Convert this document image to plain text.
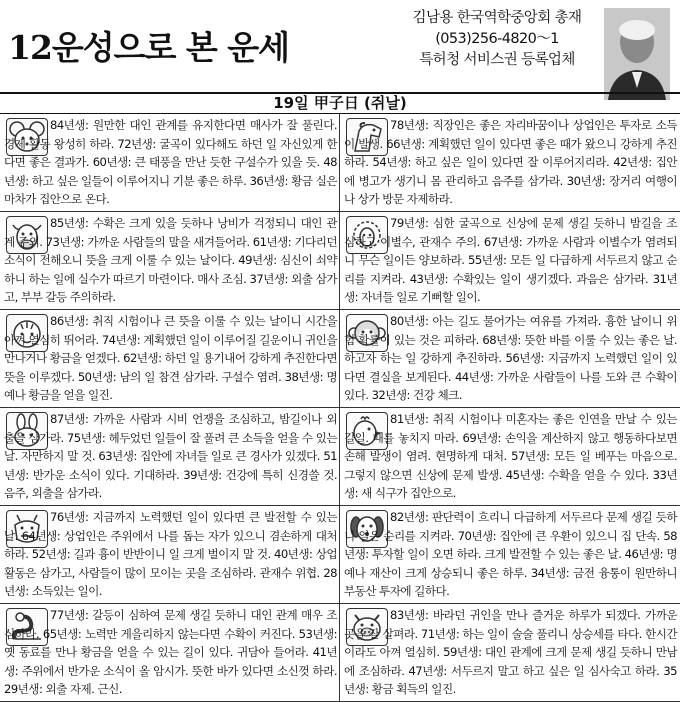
12운성으로 본 운세
김남용 한국역학중앙회 총재
(053)256-4820～1
특허청 서비스권 등록업체
19일 甲子日 (쥐날)

84년생: 원만한 대인 관계를 유지한다면 매사가 잘 풀린다. 경제 활동 왕성히 하라. 72년생: 굴곡이 있다해도 하던 일 자신있게 한다면 좋은 결과가. 60년생: 큰 태풍을 만난 듯한 구설수가 있을 듯. 48년생: 하고 싶은 일들이 이루어지니 기분 좋은 하루. 36년생: 황금 실은 마차가 집안으로 온다.

78년생: 직장인은 좋은 자리바꿈이나 상업인은 투자로 소득이 발생. 66년생: 계획했던 일이 있다면 좋은 때가 왔으니 강하게 추진하라. 54년생: 하고 싶은 일이 있다면 잘 이루어지리라. 42년생: 집안에 병고가 생기니 몸 관리하고 음주를 삼가라. 30년생: 장거리 여행이나 상가 방문 자제하라.

85년생: 수확은 크게 있을 듯하나 낭비가 걱정되니 대인 관계 주의. 73년생: 가까운 사람들의 말을 새겨들어라. 61년생: 기다리던 소식이 전해오니 뜻을 크게 이룰 수 있는 날이다. 49년생: 심신이 쇠약하니 하는 일에 실수가 따르기 마련이다. 매사 조심. 37년생: 외출 삼가고, 부부 갈등 주의하라.

79년생: 심한 굴곡으로 신상에 문제 생길 듯하니 밤길을 조심하고 이별수, 관재수 주의. 67년생: 가까운 사람과 이별수가 염려되니 무슨 일이든 양보하라. 55년생: 모든 일 다급하게 서두르지 않고 순리를 지켜라. 43년생: 수확있는 일이 생기겠다. 과음은 삼가라. 31년생: 자녀들 일로 기뻐할 일이.

86년생: 취직 시험이나 큰 뜻을 이룰 수 있는 날이니 시간을 아껴 열심히 뛰어라. 74년생: 계획했던 일이 이루어질 길운이니 귀인을 만나거나 황금을 얻겠다. 62년생: 하던 일 용기내어 강하게 추진한다면 뜻을 이루겠다. 50년생: 남의 일 참견 삼가라. 구설수 염려. 38년생: 명예나 황금을 얻을 일진.

80년생: 아는 길도 물어가는 여유를 가져라. 흉한 날이니 위험 확률이 있는 것은 피하라. 68년생: 뜻한 바를 이룰 수 있는 좋은 날. 하고자 하는 일 강하게 추진하라. 56년생: 지금까지 노력했던 일이 있다면 결실을 보게된다. 44년생: 가까운 사람들이 나를 도와 큰 수확이 있다. 32년생: 건강 체크.

87년생: 가까운 사람과 시비 언쟁을 조심하고, 밤길이나 외출을 삼가라. 75년생: 헤두었던 일들이 잘 풀려 큰 소득을 얻을 수 있는 날. 자만하지 말 것. 63년생: 집안에 자녀들 일로 큰 경사가 있겠다. 51년생: 반가운 소식이 있다. 기대하라. 39년생: 건강에 특히 신경쓸 것. 음주, 외출을 삼가라.

81년생: 취직 시험이나 미혼자는 좋은 인연을 만날 수 있는 길일. 때를 놓치지 마라. 69년생: 손익을 계산하지 않고 행동하다보면 손해 발생이 염려. 현명하게 대처. 57년생: 모든 일 베푸는 마음으로. 그렇지 않으면 신상에 문제 발생. 45년생: 수확을 얻을 수 있다. 33년생: 새 식구가 집안으로.

76년생: 지금까지 노력했던 일이 있다면 큰 발전할 수 있는 날. 64년생: 상업인은 주위에서 나를 돕는 자가 있으니 겸손하게 대처하라. 52년생: 길과 흉이 반반이니 일 크게 벌이지 말 것. 40년생: 상업 활동은 삼가고, 사람들이 많이 모이는 곳을 조심하라. 관재수 위협. 28년생: 소득있는 일이.

82년생: 판단력이 흐리니 다급하게 서두르다 문제 생길 듯하니 일은 순리를 지켜라. 70년생: 집안에 큰 우환이 있으니 집 단속. 58년생: 투자할 일이 오면 하라. 크게 발전할 수 있는 좋은 날. 46년생: 명예나 재산이 크게 상승되니 좋은 하루. 34년생: 금전 융통이 원만하니 부동산 투자에 길하다.

77년생: 갈등이 심하여 문제 생길 듯하니 대인 관계 매우 조심하라. 65년생: 노력만 게을리하지 않는다면 수확이 커진다. 53년생: 옛 동료를 만나 황금을 얻을 수 있는 길이 있다. 귀담아 들어라. 41년생: 주위에서 반가운 소식이 올 암시가. 뜻한 바가 있다면 소신껏 하라. 29년생: 외출 자제. 근신.

83년생: 바라던 귀인을 만나 즐거운 하루가 되겠다. 가까운 곳을 잘 살펴라. 71년생: 하는 일이 술술 풀리니 상승세를 타다. 한시간이라도 아껴 열심히. 59년생: 대인 관계에 크게 문제 생길 듯하니 만남에 조심하라. 47년생: 서두르지 말고 하고 싶은 일 심사숙고 하라. 35년생: 황금 획득의 일진.
